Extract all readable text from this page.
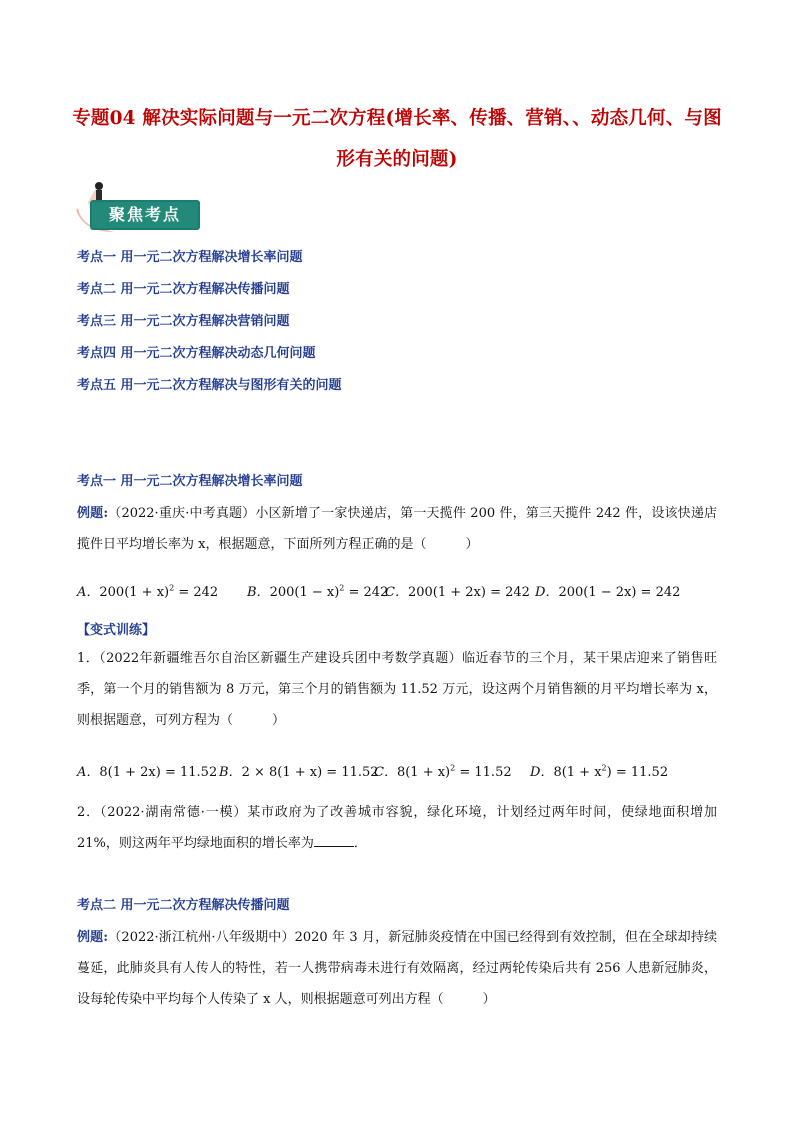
专题04 解决实际问题与一元二次方程(增长率、传播、营销、、动态几何、与图形有关的问题)
聚焦考点
考点一 用一元二次方程解决增长率问题
考点二 用一元二次方程解决传播问题
考点三 用一元二次方程解决营销问题
考点四 用一元二次方程解决动态几何问题
考点五 用一元二次方程解决与图形有关的问题
考点一 用一元二次方程解决增长率问题
例题:（2022·重庆·中考真题）小区新增了一家快递店，第一天揽件 200 件，第三天揽件 242 件，设该快递店揽件日平均增长率为 x，根据题意，下面所列方程正确的是（　　　）
A．$200(1 + x)^2 = 242$ B．$200(1 - x)^2 = 242C$．200(1 + 2x) = 242 D．200(1 − 2x) = 242
【变式训练】
1．（2022年新疆维吾尔自治区新疆生产建设兵团中考数学真题）临近春节的三个月，某干果店迎来了销售旺季，第一个月的销售额为 8 万元，第三个月的销售额为 11.52 万元，设这两个月销售额的月平均增长率为 x，则根据题意，可列方程为（　　　）
A．8(1 + 2x) = 11.52 B．2 × 8(1 + x) = 11.52C．$8(1 + x)^2 = 11.52$ D．$8(1 + x^2) = 11.52$
2．（2022·湖南常德·一模）某市政府为了改善城市容貌，绿化环境，计划经过两年时间，使绿地面积增加 21%，则这两年平均绿地面积的增长率为	．
考点二 用一元二次方程解决传播问题
例题:（2022·浙江杭州·八年级期中）2020 年 3 月，新冠肺炎疫情在中国已经得到有效控制，但在全球却持续蔓延，此肺炎具有人传人的特性，若一人携带病毒未进行有效隔离，经过两轮传染后共有 256 人患新冠肺炎，设每轮传染中平均每个人传染了 x 人，则根据题意可列出方程（　　　）
